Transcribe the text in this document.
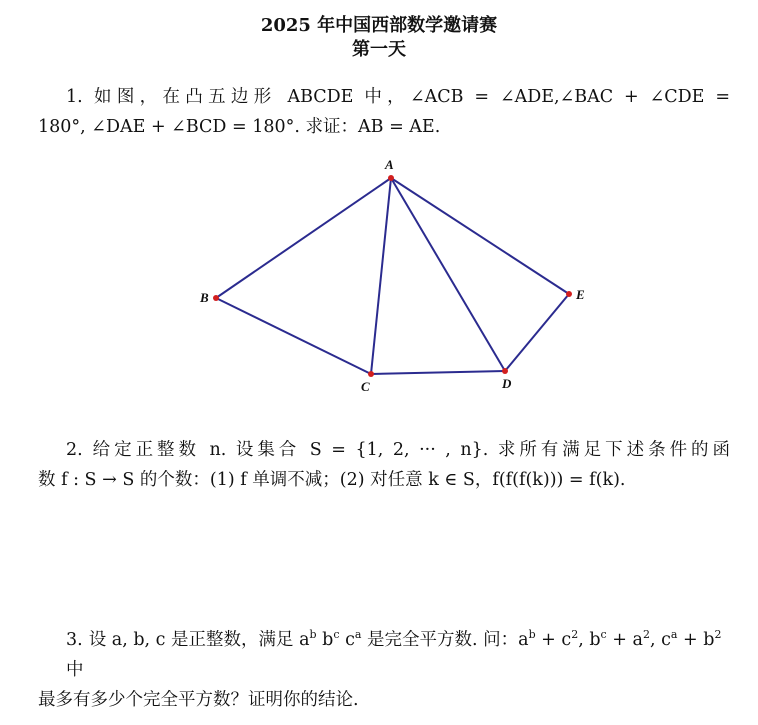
2025 年中国西部数学邀请赛
第一天
1. 如图，在凸五边形 ABCDE 中，∠ACB = ∠ADE,∠BAC + ∠CDE =
180°, ∠DAE + ∠BCD = 180°. 求证：AB = AE.
A
B
C	D
E
2. 给定正整数 n. 设集合 S = {1, 2, ··· , n}. 求所有满足下述条件的函
数 f : S → S 的个数：(1) f 单调不减；(2) 对任意 k ∈ S，f(f(f(k))) = f(k).
3. 设 a, b, c 是正整数，满足 $a^b$ $b^c$ $c^a$ 是完全平方数. 问：$a^b + c^2$, $b^c + a^2$, $c^a + b^2$ 中
最多有多少个完全平方数？证明你的结论.
